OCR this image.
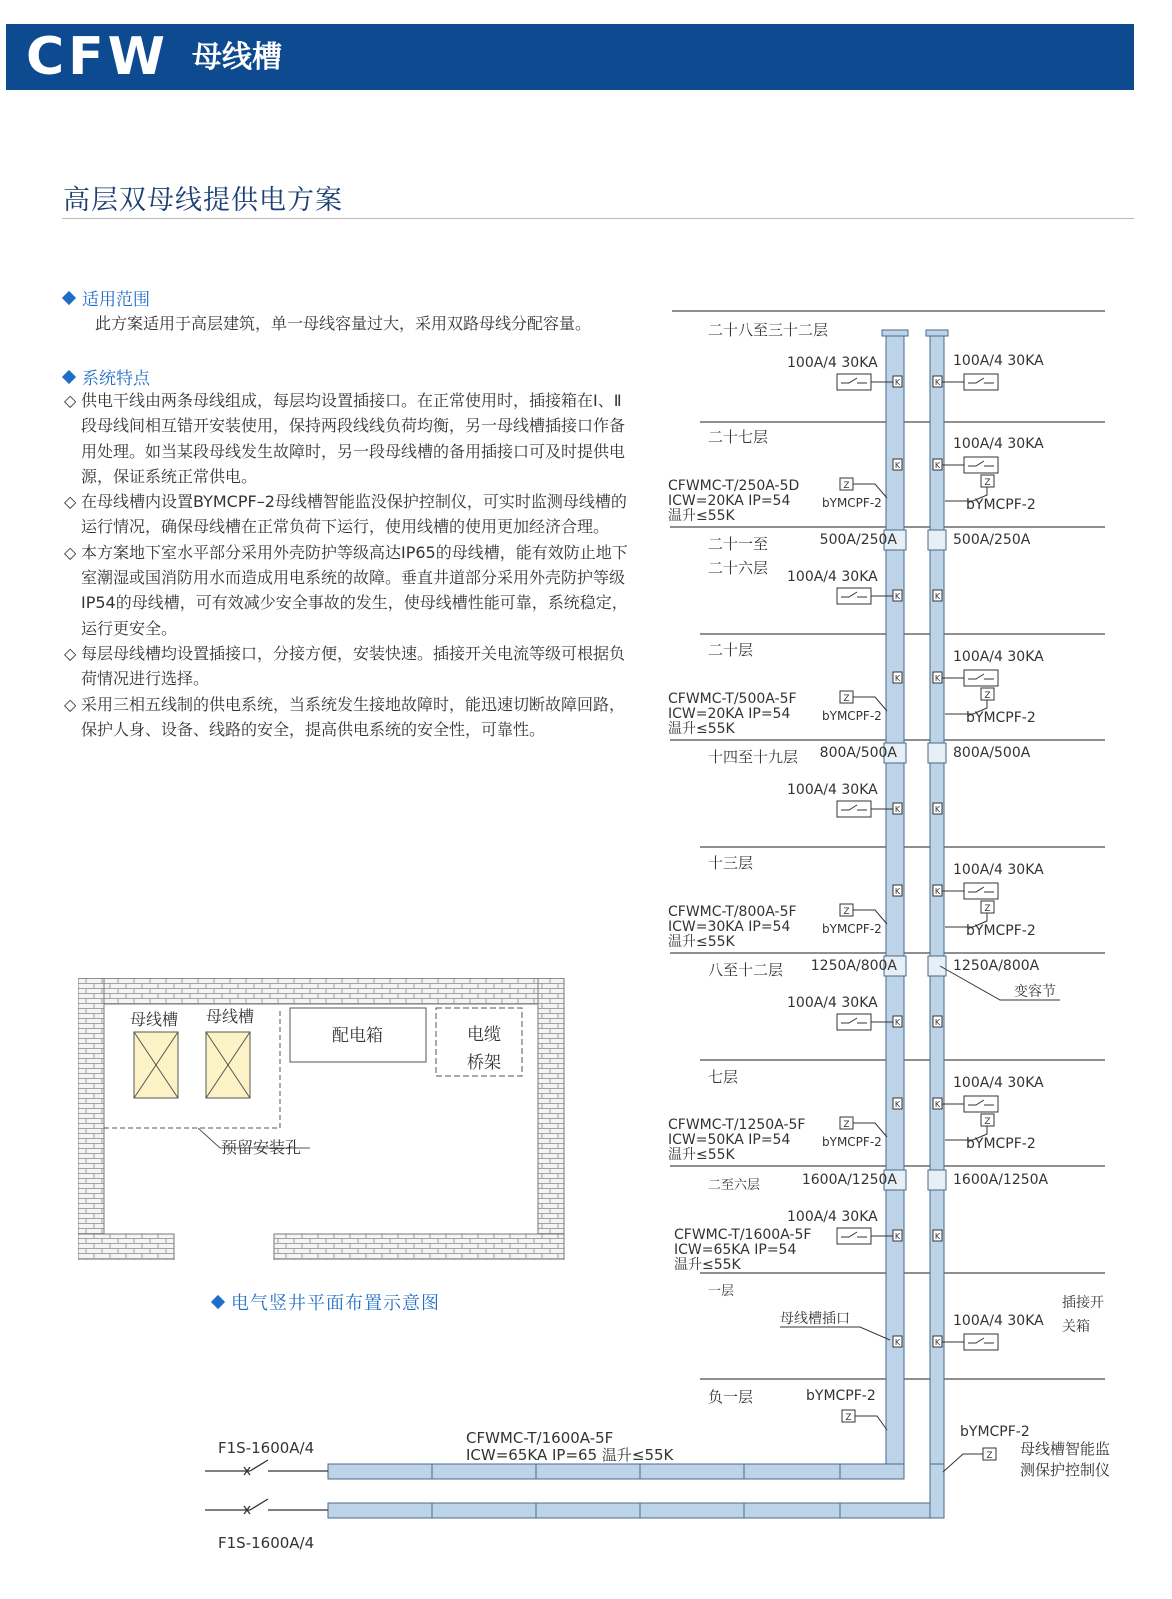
CFW 母线槽
高层双母线提供电方案
适用范围
此方案适用于高层建筑，单一母线容量过大，采用双路母线分配容量。
系统特点
◇ 供电干线由两条母线组成，每层均设置插接口。在正常使用时，插接箱在Ⅰ、Ⅱ段母线间相互错开安装使用，保持两段线线负荷均衡，另一母线槽插接口作备用处理。如当某段母线发生故障时，另一段母线槽的备用插接口可及时提供电源，保证系统正常供电。
◇ 在母线槽内设置BYMCPF–2母线槽智能监没保护控制仪，可实时监测母线槽的运行情况，确保母线槽在正常负荷下运行，使用线槽的使用更加经济合理。
◇ 本方案地下室水平部分采用外壳防护等级高达IP65的母线槽，能有效防止地下室潮湿或国消防用水而造成用电系统的故障。垂直井道部分采用外壳防护等级IP54的母线槽，可有效减少安全事故的发生，使母线槽性能可靠，系统稳定，运行更安全。
◇ 每层母线槽均设置插接口，分接方便，安装快速。插接开关电流等级可根据负荷情况进行选择。
◇ 采用三相五线制的供电系统，当系统发生接地故障时，能迅速切断故障回路，保护人身、设备、线路的安全，提高供电系统的安全性，可靠性。
母线槽 母线槽
预留安装孔
配电箱	电缆
桥架
电气竖井平面布置示意图
二十八至三十二层
二十七层
二十一至
二十六层
二十层
十四至十九层
十三层
八至十二层
七层
二至六层
一层
负一层
500A/250A	500A/250A
800A/500A	800A/500A
1250A/800A	1250A/800A
1600A/1250A	1600A/1250A
变容节
100A/4 30KA
K	K
100A/4 30KA
K
100A/4 30KA
K
100A/4 30KA
K	K
K
100A/4 30KA
K
100A/4 30KA
K	K
K
100A/4 30KA
K
100A/4 30KA
K	K
K
100A/4 30KA
K
100A/4 30KA
K	K
K
100A/4 30KA
K
CFWMC-T/250A-5D
ICW=20KA IP=54
温升≤55K
Z
bYMCPF-2
Z
bYMCPF-2
CFWMC-T/500A-5F
ICW=20KA IP=54
温升≤55K
Z
bYMCPF-2
Z
bYMCPF-2
CFWMC-T/800A-5F
ICW=30KA IP=54
温升≤55K
Z
bYMCPF-2
Z
bYMCPF-2
CFWMC-T/1250A-5F
ICW=50KA IP=54
温升≤55K
Z
bYMCPF-2
Z
bYMCPF-2
CFWMC-T/1600A-5F
ICW=65KA IP=54
温升≤55K
母线槽插口
插接开
关箱
bYMCPF-2
Z
bYMCPF-2
Z 母线槽智能监
测保护控制仪
CFWMC-T/1600A-5F
ICW=65KA IP=65 温升≤55K
F1S-1600A/4
F1S-1600A/4
